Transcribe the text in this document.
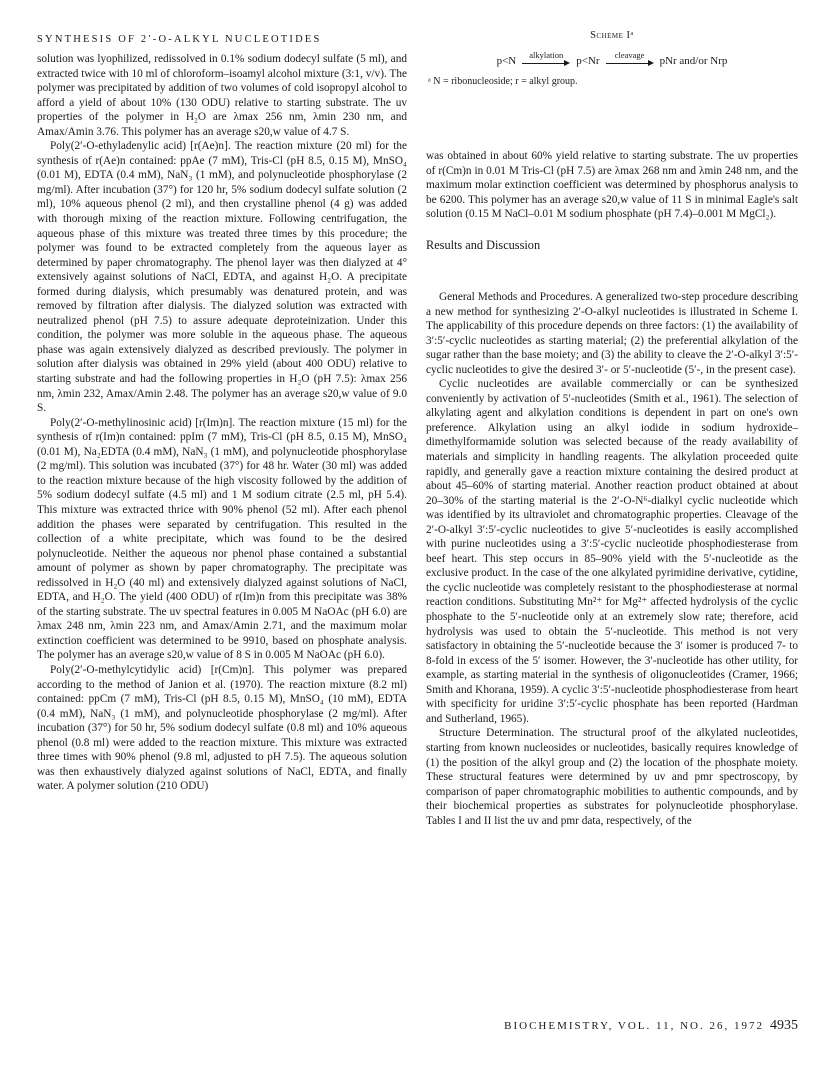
SYNTHESIS OF 2′-O-ALKYL NUCLEOTIDES

solution was lyophilized, redissolved in 0.1% sodium dodecyl sulfate (5 ml), and extracted twice with 10 ml of chloroform–isoamyl alcohol mixture (3:1, v/v). The polymer was precipitated by addition of two volumes of cold isopropyl alcohol to afford a yield of about 10% (130 ODU) relative to starting substrate. The uv properties of the polymer in H₂O are λmax 256 nm, λmin 230 nm, and Amax/Amin 3.76. This polymer has an average s20,w value of 4.7 S.

Poly(2′-O-ethyladenylic acid) [r(Ae)n]. The reaction mixture (20 ml) for the synthesis of r(Ae)n contained: ppAe (7 mM), Tris-Cl (pH 8.5, 0.15 M), MnSO₄ (0.01 M), EDTA (0.4 mM), NaN₃ (1 mM), and polynucleotide phosphorylase (2 mg/ml). After incubation (37°) for 120 hr, 5% sodium dodecyl sulfate solution (2 ml), 10% aqueous phenol (2 ml), and then crystalline phenol (4 g) was added with thorough mixing of the reaction mixture. Following centrifugation, the aqueous phase of this mixture was treated three times by this procedure; the polymer was found to be extracted completely from the aqueous layer as determined by paper chromatography. The phenol layer was then dialyzed at 4° extensively against solutions of NaCl, EDTA, and against H₂O. A precipitate formed during dialysis, which presumably was denatured protein, and was removed by filtration after dialysis. The dialyzed solution was extracted with neutralized phenol (pH 7.5) to assure adequate deproteinization. Under this condition, the polymer was more soluble in the aqueous phase. The aqueous phase was again extensively dialyzed as described previously. The polymer in solution after dialysis was obtained in 29% yield (about 400 ODU) relative to starting substrate and had the following properties in H₂O (pH 7.5): λmax 256 nm, λmin 232, Amax/Amin 2.48. The polymer has an average s20,w value of 9.0 S.

Poly(2′-O-methylinosinic acid) [r(Im)n]. The reaction mixture (15 ml) for the synthesis of r(Im)n contained: ppIm (7 mM), Tris-Cl (pH 8.5, 0.15 M), MnSO₄ (0.01 M), Na₂EDTA (0.4 mM), NaN₃ (1 mM), and polynucleotide phosphorylase (2 mg/ml). This solution was incubated (37°) for 48 hr. Water (30 ml) was added to the reaction mixture because of the high viscosity followed by the addition of 5% sodium dodecyl sulfate (4.5 ml) and 1 M sodium citrate (2.5 ml, pH 5.4). This mixture was extracted thrice with 90% phenol (52 ml). After each phenol addition the phases were separated by centrifugation. This resulted in the collection of a white precipitate, which was found to be the desired polynucleotide. Neither the aqueous nor phenol phase contained a substantial amount of polymer as shown by paper chromatography. The precipitate was redissolved in H₂O (40 ml) and extensively dialyzed against solutions of NaCl, EDTA, and H₂O. The yield (400 ODU) of r(Im)n from this precipitate was 38% of the starting substrate. The uv spectral features in 0.005 M NaOAc (pH 6.0) are λmax 248 nm, λmin 223 nm, and Amax/Amin 2.71, and the maximum molar extinction coefficient was determined to be 9910, based on phosphate analysis. The polymer has an average s20,w value of 8 S in 0.005 M NaOAc (pH 6.0).

Poly(2′-O-methylcytidylic acid) [r(Cm)n]. This polymer was prepared according to the method of Janion et al. (1970). The reaction mixture (8.2 ml) contained: ppCm (7 mM), Tris-Cl (pH 8.5, 0.15 M), MnSO₄ (10 mM), EDTA (0.4 mM), NaN₃ (1 mM), and polynucleotide phosphorylase (2 mg/ml). After incubation (37°) for 50 hr, 5% sodium dodecyl sulfate (0.8 ml) and 10% aqueous phenol (0.8 ml) were added to the reaction mixture. This mixture was extracted three times with 90% phenol (9.8 ml, adjusted to pH 7.5). The aqueous solution was then exhaustively dialyzed against solutions of NaCl, EDTA, and finally water. A polymer solution (210 ODU)

Scheme Iᵃ
p<N alkylation p<Nr cleavage pNr and/or Nrp
ᵃ N = ribonucleoside; r = alkyl group.

was obtained in about 60% yield relative to starting substrate. The uv properties of r(Cm)n in 0.01 M Tris-Cl (pH 7.5) are λmax 268 nm and λmin 248 nm, and the maximum molar extinction coefficient was determined by phosphorus analysis to be 6200. This polymer has an average s20,w value of 11 S in minimal Eagle's salt solution (0.15 M NaCl–0.01 M sodium phosphate (pH 7.4)–0.001 M MgCl₂).

Results and Discussion

General Methods and Procedures. A generalized two-step procedure describing a new method for synthesizing 2′-O-alkyl nucleotides is illustrated in Scheme I. The applicability of this procedure depends on three factors: (1) the availability of 3′:5′-cyclic nucleotides as starting material; (2) the preferential alkylation of the sugar rather than the base moiety; and (3) the ability to cleave the 2′-O-alkyl 3′:5′-cyclic nucleotides to give the desired 3′- or 5′-nucleotide (5′-, in the present case).

Cyclic nucleotides are available commercially or can be synthesized conveniently by activation of 5′-nucleotides (Smith et al., 1961). The selection of alkylating agent and alkylation conditions is dependent in part on one's own preference. Alkylation using an alkyl iodide in sodium hydroxide–dimethylformamide solution was selected because of the ready availability of materials and simplicity in handling reagents. The alkylation proceeded quite rapidly, and generally gave a reaction mixture containing the desired product at about 45–60% of starting material. Another reaction product obtained at about 20–30% of the starting material is the 2′-O-N⁶-dialkyl cyclic nucleotide which was identified by its ultraviolet and chromatographic properties. Cleavage of the 2′-O-alkyl 3′:5′-cyclic nucleotides to give 5′-nucleotides is easily accomplished with purine nucleotides using a 3′:5′-cyclic nucleotide phosphodiesterase from beef heart. This step occurs in 85–90% yield with the 5′-nucleotide as the exclusive product. In the case of the one alkylated pyrimidine derivative, cytidine, the cyclic nucleotide was completely resistant to the phosphodiesterase at normal reaction conditions. Substituting Mn²⁺ for Mg²⁺ affected hydrolysis of the cyclic phosphate to the 5′-nucleotide only at an extremely slow rate; therefore, acid hydrolysis was used to obtain the 5′-nucleotide. This method is not very satisfactory in obtaining the 5′-nucleotide because the 3′ isomer is produced 7- to 8-fold in excess of the 5′ isomer. However, the 3′-nucleotide has other utility, for example, as starting material in the synthesis of oligonucleotides (Cramer, 1966; Smith and Khorana, 1959). A cyclic 3′:5′-nucleotide phosphodiesterase from heart with specificity for uridine 3′:5′-cyclic phosphate has been reported (Hardman and Sutherland, 1965).

Structure Determination. The structural proof of the alkylated nucleotides, starting from known nucleosides or nucleotides, basically requires knowledge of (1) the position of the alkyl group and (2) the location of the phosphate moiety. These structural features were determined by uv and pmr spectroscopy, by comparison of paper chromatographic mobilities to authentic compounds, and by their biochemical properties as substrates for polynucleotide phosphorylase. Tables I and II list the uv and pmr data, respectively, of the

BIOCHEMISTRY, VOL. 11, NO. 26, 1972 4935
